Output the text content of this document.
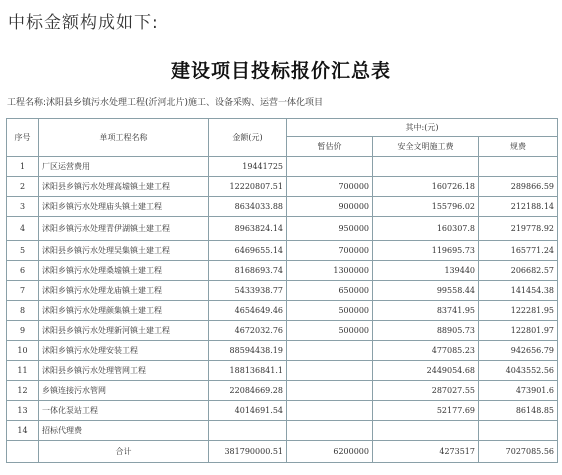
中标金额构成如下:
建设项目投标报价汇总表
工程名称:沭阳县乡镇污水处理工程(沂河北片)施工、设备采购、运营一体化项目
序号	单项工程名称	金额(元)	其中:(元)		
			暂估价	安全文明施工费	规费
1	厂区运营费用	19441725			
2	沭阳县乡镇污水处理高墟镇土建工程	12220807.51	700000	160726.18	289866.59
3	沭阳乡镇污水处理庙头镇土建工程	8634033.88	900000	155796.02	212188.14
4	沭阳乡镇污水处理青伊湖镇土建工程	8963824.14	950000	160307.8	219778.92
5	沭阳县乡镇污水处理吴集镇土建工程	6469655.14	700000	119695.73	165771.24
6	沭阳乡镇污水处理桑墟镇土建工程	8168693.74	1300000	139440	206682.57
7	沭阳乡镇污水处理龙庙镇土建工程	5433938.77	650000	99558.44	141454.38
8	沭阳乡镇污水处理颜集镇土建工程	4654649.46	500000	83741.95	122281.95
9	沭阳县乡镇污水处理新河镇土建工程	4672032.76	500000	88905.73	122801.97
10	沭阳乡镇污水处理安装工程	88594438.19		477085.23	942656.79
11	沭阳县乡镇污水处理管网工程	188136841.1		2449054.68	4043552.56
12	乡镇连接污水管网	22084669.28		287027.55	473901.6
13	一体化泵站工程	4014691.54		52177.69	86148.85
14	招标代理费				
	合计	381790000.51	6200000	4273517	7027085.56
